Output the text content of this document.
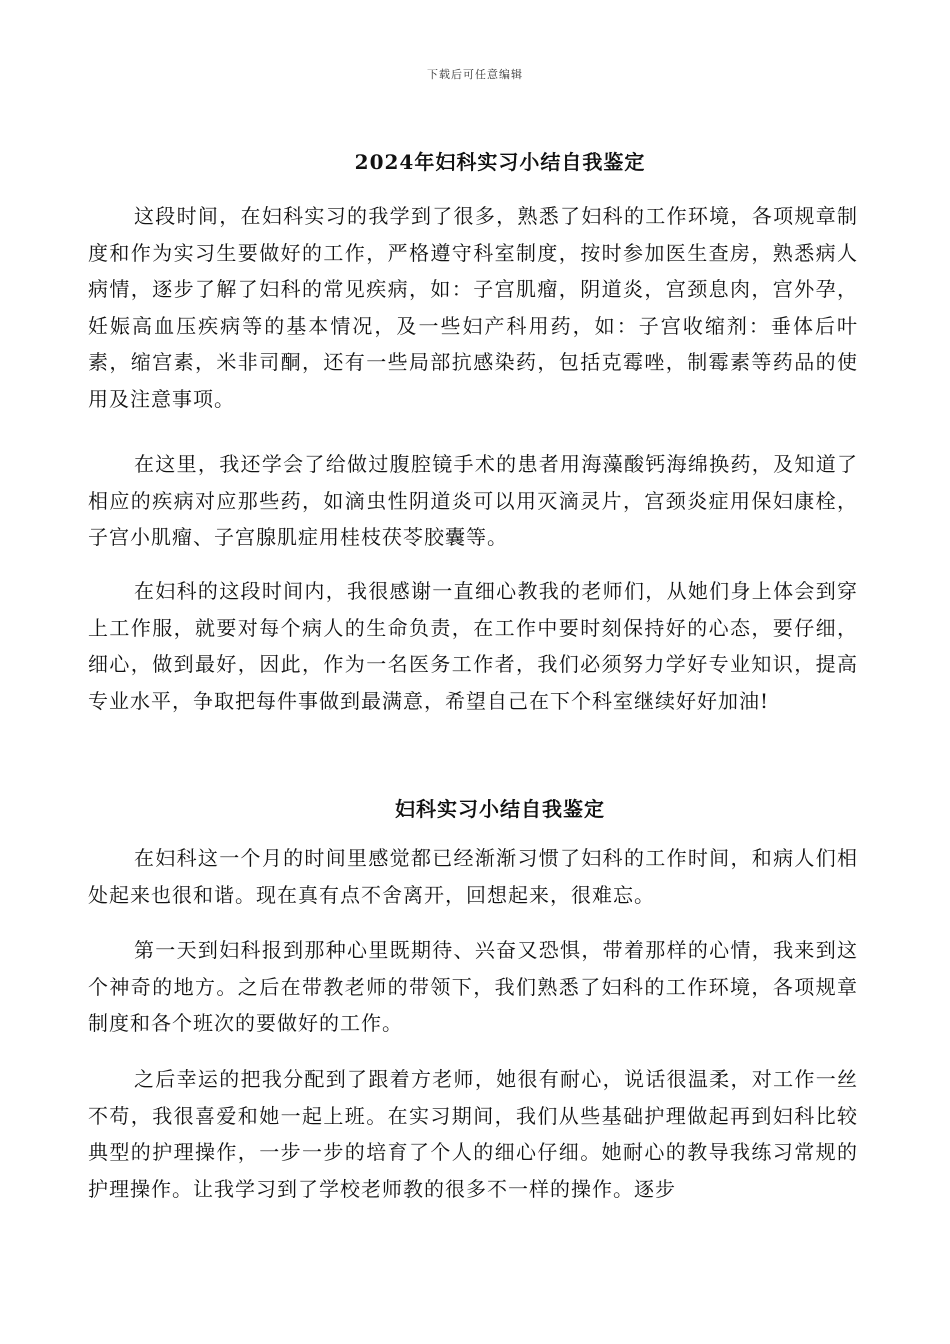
下载后可任意编辑
2024年妇科实习小结自我鉴定

这段时间，在妇科实习的我学到了很多，熟悉了妇科的工作环境，各项规章制度和作为实习生要做好的工作，严格遵守科室制度，按时参加医生查房，熟悉病人病情，逐步了解了妇科的常见疾病，如：子宫肌瘤，阴道炎，宫颈息肉，宫外孕，妊娠高血压疾病等的基本情况，及一些妇产科用药，如：子宫收缩剂：垂体后叶素，缩宫素，米非司酮，还有一些局部抗感染药，包括克霉唑，制霉素等药品的使用及注意事项。

在这里，我还学会了给做过腹腔镜手术的患者用海藻酸钙海绵换药，及知道了相应的疾病对应那些药，如滴虫性阴道炎可以用灭滴灵片，宫颈炎症用保妇康栓，子宫小肌瘤、子宫腺肌症用桂枝茯苓胶囊等。

在妇科的这段时间内，我很感谢一直细心教我的老师们，从她们身上体会到穿上工作服，就要对每个病人的生命负责，在工作中要时刻保持好的心态，要仔细，细心，做到最好，因此，作为一名医务工作者，我们必须努力学好专业知识，提高专业水平，争取把每件事做到最满意，希望自己在下个科室继续好好加油!

妇科实习小结自我鉴定

在妇科这一个月的时间里感觉都已经渐渐习惯了妇科的工作时间，和病人们相处起来也很和谐。现在真有点不舍离开，回想起来，很难忘。

第一天到妇科报到那种心里既期待、兴奋又恐惧，带着那样的心情，我来到这个神奇的地方。之后在带教老师的带领下，我们熟悉了妇科的工作环境，各项规章制度和各个班次的要做好的工作。

之后幸运的把我分配到了跟着方老师，她很有耐心，说话很温柔，对工作一丝不苟，我很喜爱和她一起上班。在实习期间，我们从些基础护理做起再到妇科比较典型的护理操作，一步一步的培育了个人的细心仔细。她耐心的教导我练习常规的护理操作。让我学习到了学校老师教的很多不一样的操作。逐步
